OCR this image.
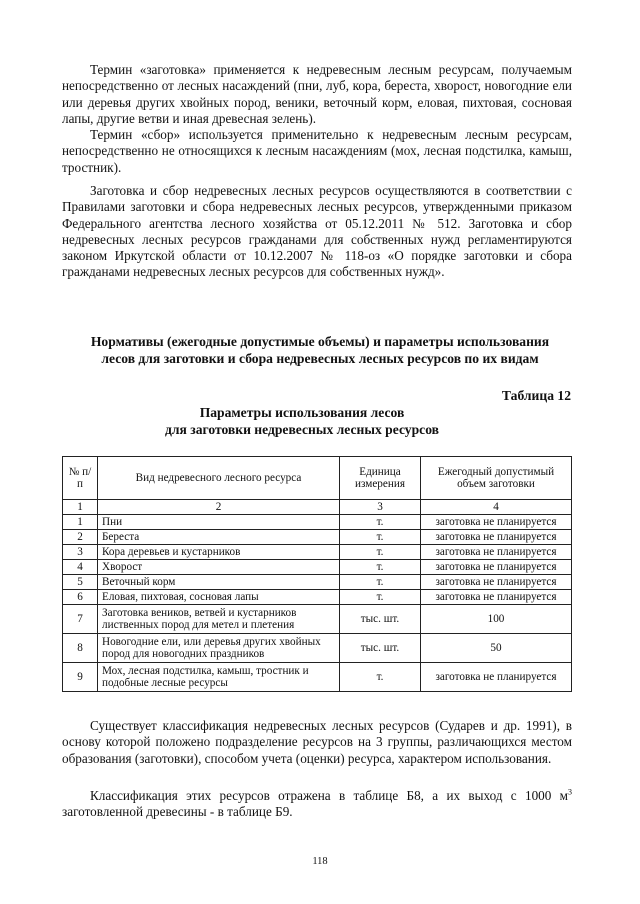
Термин «заготовка» применяется к недревесным лесным ресурсам, получаемым непосредственно от лесных насаждений (пни, луб, кора, береста, хворост, новогодние ели или деревья других хвойных пород, веники, веточный корм, еловая, пихтовая, сосновая лапы, другие ветви и иная древесная зелень).

Термин «сбор» используется применительно к недревесным лесным ресурсам, непосредственно не относящихся к лесным насаждениям (мох, лесная подстилка, камыш, тростник).

Заготовка и сбор недревесных лесных ресурсов осуществляются в соответствии с Правилами заготовки и сбора недревесных лесных ресурсов, утвержденными приказом Федерального агентства лесного хозяйства от 05.12.2011 № 512. Заготовка и сбор недревесных лесных ресурсов гражданами для собственных нужд регламентируются законом Иркутской области от 10.12.2007 № 118-оз «О порядке заготовки и сбора гражданами недревесных лесных ресурсов для собственных нужд».

Нормативы (ежегодные допустимые объемы) и параметры использования
лесов для заготовки и сбора недревесных лесных ресурсов по их видам

Таблица 12

Параметры использования лесов
для заготовки недревесных лесных ресурсов

№ п/п	Вид недревесного лесного ресурса	Единица измерения	Ежегодный допустимый объем заготовки
1	2	3	4
1	Пни	т.	заготовка не планируется
2	Береста	т.	заготовка не планируется
3	Кора деревьев и кустарников	т.	заготовка не планируется
4	Хворост	т.	заготовка не планируется
5	Веточный корм	т.	заготовка не планируется
6	Еловая, пихтовая, сосновая лапы	т.	заготовка не планируется
7	Заготовка веников, ветвей и кустарников лиственных пород для метел и плетения	тыс. шт.	100
8	Новогодние ели, или деревья других хвойных пород для новогодних праздников	тыс. шт.	50
9	Мох, лесная подстилка, камыш, тростник и подобные лесные ресурсы	т.	заготовка не планируется

Существует классификация недревесных лесных ресурсов (Сударев и др. 1991), в основу которой положено подразделение ресурсов на 3 группы, различающихся местом образования (заготовки), способом учета (оценки) ресурса, характером использования.

Классификация этих ресурсов отражена в таблице Б8, а их выход с 1000 $м^3$ заготовленной древесины - в таблице Б9.

118
